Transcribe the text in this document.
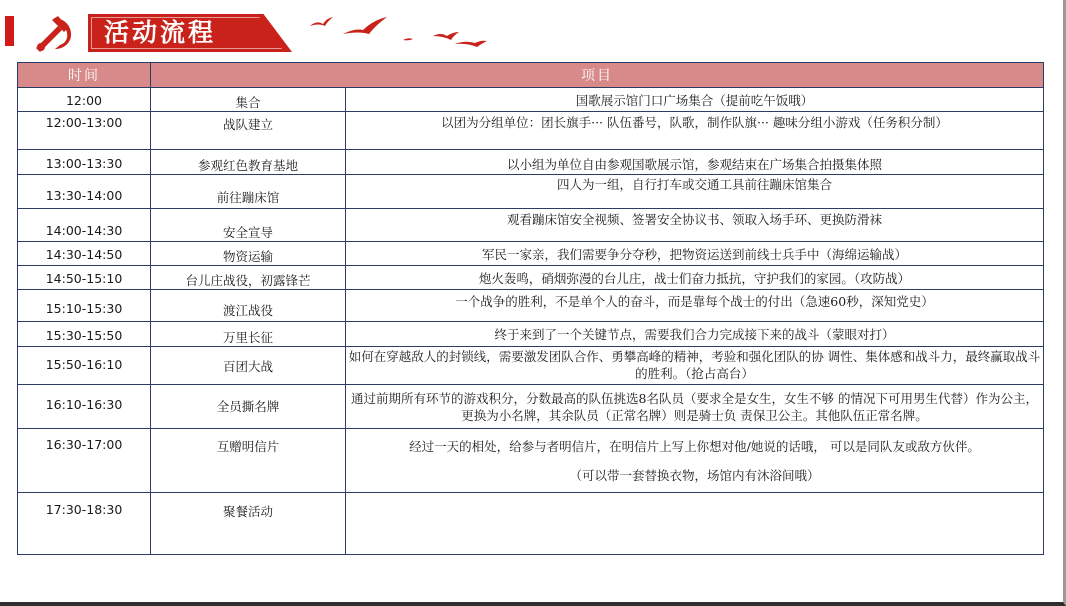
活动流程
时间	项目	
12:00	集合	国歌展示馆门口广场集合（提前吃午饭哦）
12:00-13:00	战队建立	以团为分组单位：团长旗手··· 队伍番号，队歌，制作队旗··· 趣味分组小游戏（任务积分制）
13:00-13:30	参观红色教育基地	以小组为单位自由参观国歌展示馆，参观结束在广场集合拍摄集体照
13:30-14:00	前往蹦床馆	四人为一组，自行打车或交通工具前往蹦床馆集合
14:00-14:30	安全宣导	观看蹦床馆安全视频、签署安全协议书、领取入场手环、更换防滑袜
14:30-14:50	物资运输	军民一家亲，我们需要争分夺秒，把物资运送到前线士兵手中（海绵运输战）
14:50-15:10	台儿庄战役，初露锋芒	炮火轰鸣，硝烟弥漫的台儿庄，战士们奋力抵抗，守护我们的家园。（攻防战）
15:10-15:30	渡江战役	一个战争的胜利，不是单个人的奋斗，而是靠每个战士的付出（急速60秒，深知党史）
15:30-15:50	万里长征	终于来到了一个关键节点，需要我们合力完成接下来的战斗（蒙眼对打）
15:50-16:10	百团大战	如何在穿越敌人的封锁线，需要激发团队合作、勇攀高峰的精神，考验和强化团队的协 调性、集体感和战斗力，最终赢取战斗的胜利。（抢占高台）
16:10-16:30	全员撕名牌	通过前期所有环节的游戏积分，分数最高的队伍挑选8名队员（要求全是女生，女生不够 的情况下可用男生代替）作为公主，更换为小名牌，其余队员（正常名牌）则是骑士负 责保卫公主。其他队伍正常名牌。
16:30-17:00	互赠明信片	经过一天的相处，给参与者明信片，在明信片上写上你想对他/她说的话哦， 可以是同队友或敌方伙伴。
（可以带一套替换衣物，场馆内有沐浴间哦）

17:30-18:30	聚餐活动	
